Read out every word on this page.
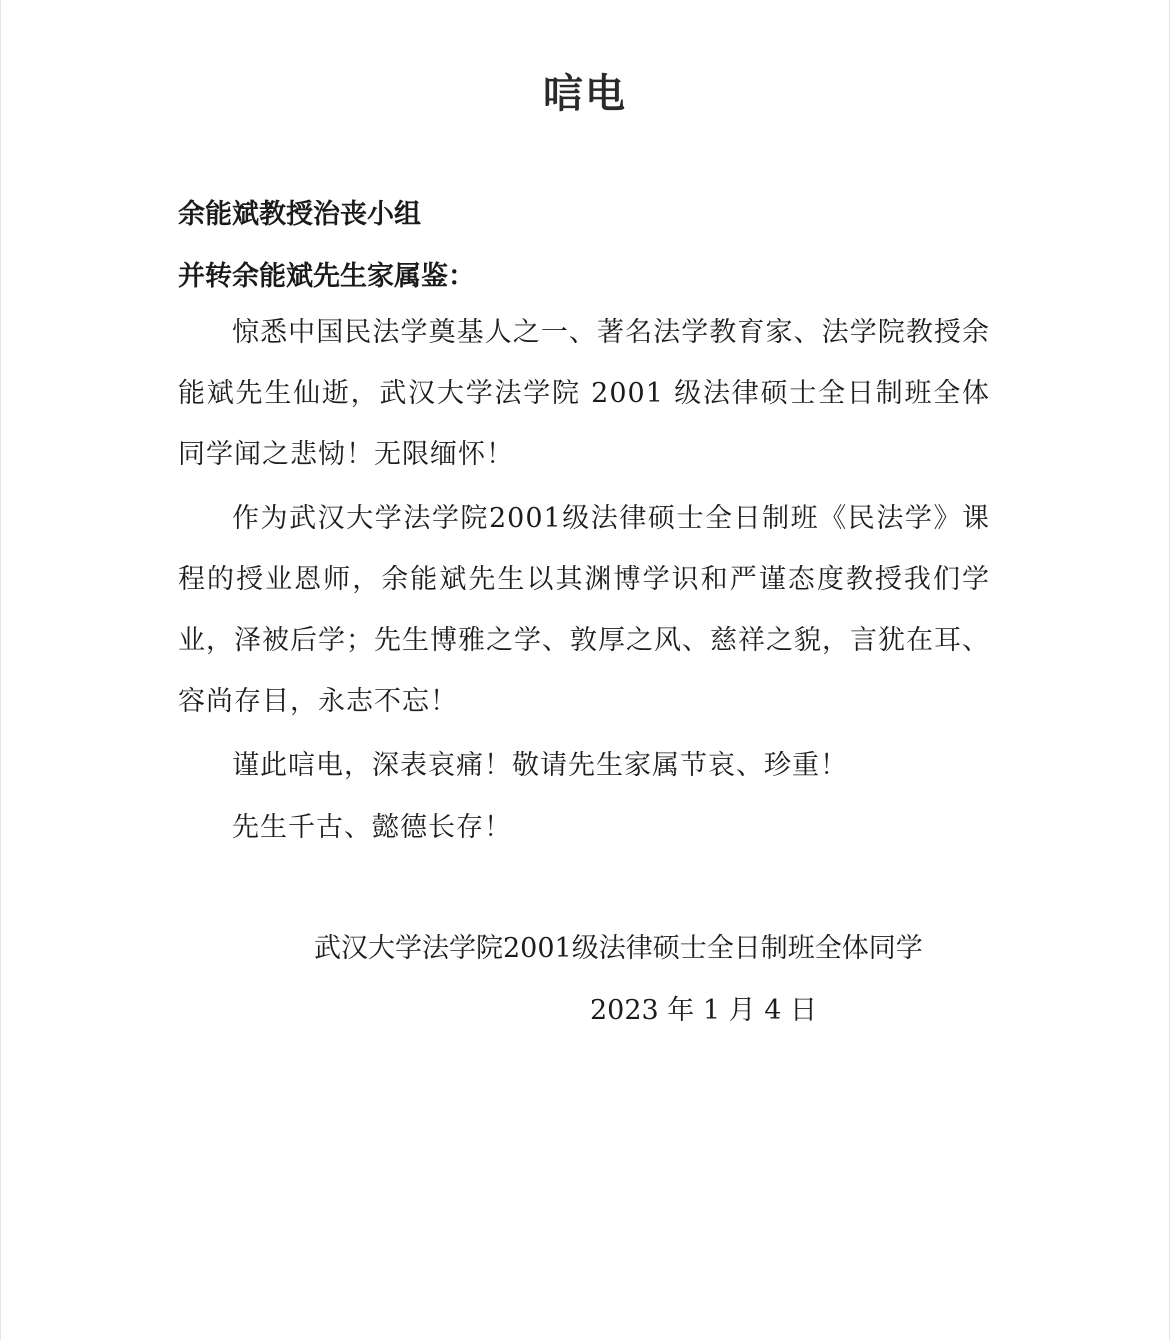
唁电
余能斌教授治丧小组
并转余能斌先生家属鉴：
惊悉中国民法学奠基人之一、著名法学教育家、法学院教授余能斌先生仙逝，武汉大学法学院 2001 级法律硕士全日制班全体同学闻之悲恸！无限缅怀！
作为武汉大学法学院2001级法律硕士全日制班《民法学》课程的授业恩师，余能斌先生以其渊博学识和严谨态度教授我们学业，泽被后学；先生博雅之学、敦厚之风、慈祥之貌，言犹在耳、容尚存目，永志不忘！
谨此唁电，深表哀痛！敬请先生家属节哀、珍重！
先生千古、懿德长存！
武汉大学法学院2001级法律硕士全日制班全体同学
2023 年 1 月 4 日
